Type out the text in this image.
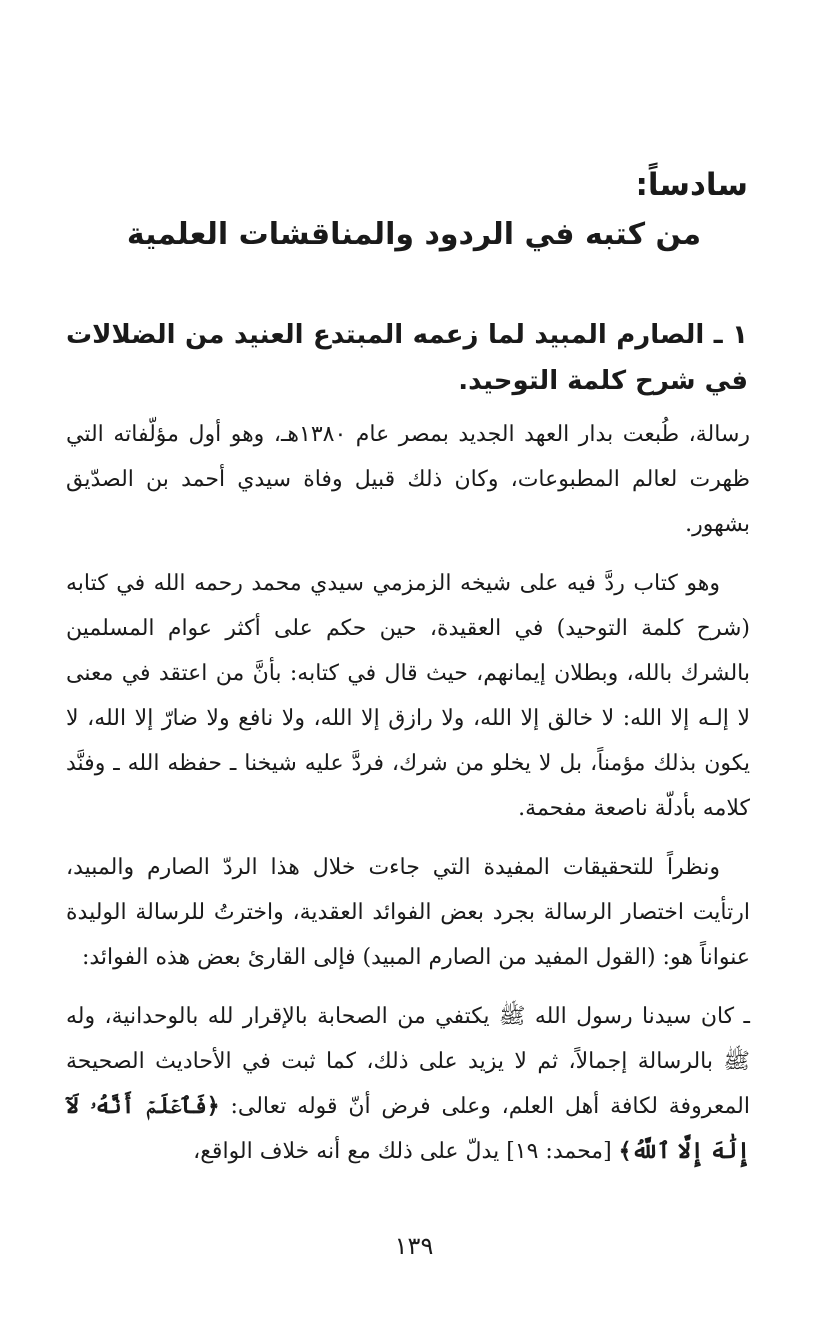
سادساً:
من كتبه في الردود والمناقشات العلمية
١ ـ الصارم المبيد لما زعمه المبتدع العنيد من الضلالات في شرح كلمة التوحيد.

رسالة، طُبعت بدار العهد الجديد بمصر عام ١٣٨٠هـ، وهو أول مؤلّفاته التي ظهرت لعالم المطبوعات، وكان ذلك قبيل وفاة سيدي أحمد بن الصدّيق بشهور.

وهو كتاب ردَّ فيه على شيخه الزمزمي سيدي محمد رحمه الله في كتابه (شرح كلمة التوحيد) في العقيدة، حين حكم على أكثر عوام المسلمين بالشرك بالله، وبطلان إيمانهم، حيث قال في كتابه: بأنَّ من اعتقد في معنى لا إلـه إلا الله: لا خالق إلا الله، ولا رازق إلا الله، ولا نافع ولا ضارّ إلا الله، لا يكون بذلك مؤمناً، بل لا يخلو من شرك، فردَّ عليه شيخنا ـ حفظه الله ـ وفنَّد كلامه بأدلّة ناصعة مفحمة.

ونظراً للتحقيقات المفيدة التي جاءت خلال هذا الردّ الصارم والمبيد، ارتأيت اختصار الرسالة بجرد بعض الفوائد العقدية، واخترتُ للرسالة الوليدة عنواناً هو: (القول المفيد من الصارم المبيد) فإلى القارئ بعض هذه الفوائد:

ـ كان سيدنا رسول الله ﷺ يكتفي من الصحابة بالإقرار لله بالوحدانية، وله ﷺ بالرسالة إجمالاً، ثم لا يزيد على ذلك، كما ثبت في الأحاديث الصحيحة المعروفة لكافة أهل العلم، وعلى فرض أنّ قوله تعالى: ﴿فَٱعۡلَمۡ أَنَّهُۥ لَآ إِلَٰهَ إِلَّا ٱللَّهُ﴾ [محمد: ١٩] يدلّ على ذلك مع أنه خلاف الواقع،

١٣٩
